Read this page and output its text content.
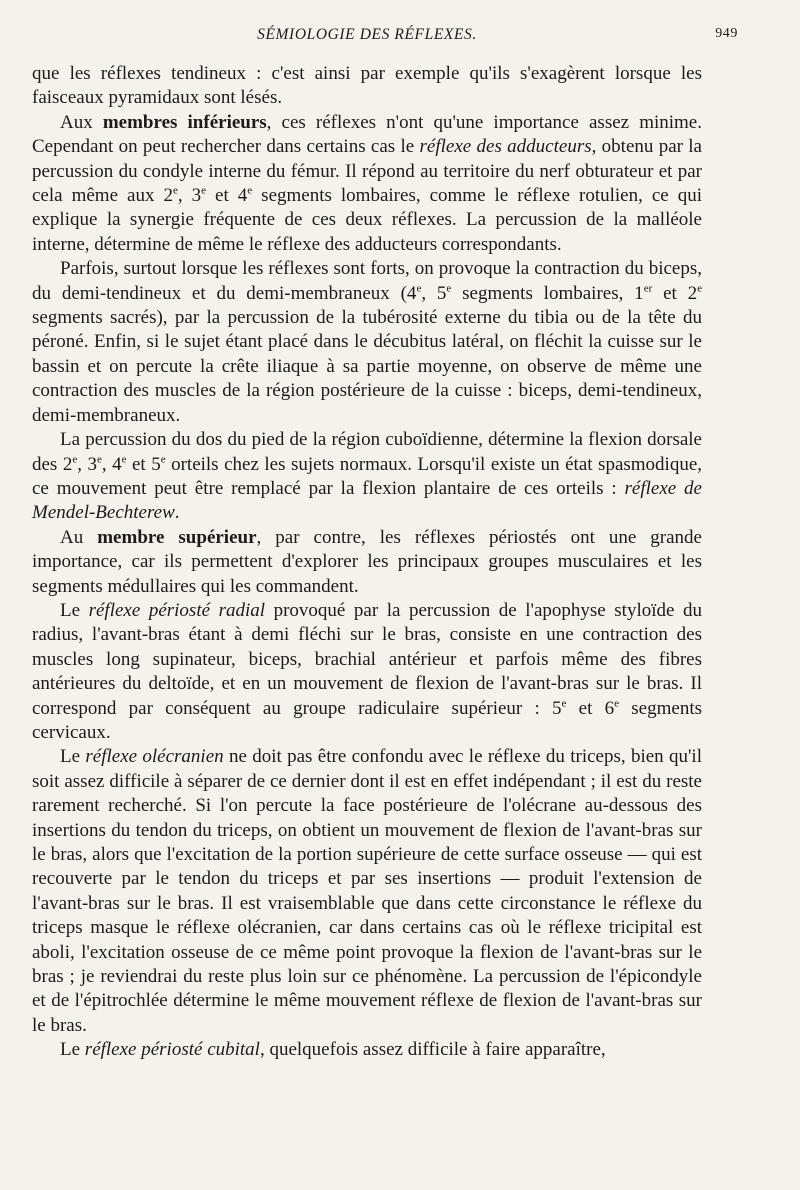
SÉMIOLOGIE DES RÉFLEXES.	949

que les réflexes tendineux : c'est ainsi par exemple qu'ils s'exagèrent lorsque les faisceaux pyramidaux sont lésés.

Aux membres inférieurs, ces réflexes n'ont qu'une importance assez minime. Cependant on peut rechercher dans certains cas le réflexe des adducteurs, obtenu par la percussion du condyle interne du fémur. Il répond au territoire du nerf obturateur et par cela même aux 2e, 3e et 4e segments lombaires, comme le réflexe rotulien, ce qui explique la synergie fréquente de ces deux réflexes. La percussion de la malléole interne, détermine de même le réflexe des adducteurs correspondants.

Parfois, surtout lorsque les réflexes sont forts, on provoque la contraction du biceps, du demi-tendineux et du demi-membraneux (4e, 5e segments lombaires, 1er et 2e segments sacrés), par la percussion de la tubérosité externe du tibia ou de la tête du péroné. Enfin, si le sujet étant placé dans le décubitus latéral, on fléchit la cuisse sur le bassin et on percute la crête iliaque à sa partie moyenne, on observe de même une contraction des muscles de la région postérieure de la cuisse : biceps, demi-tendineux, demi-membraneux.

La percussion du dos du pied de la région cuboïdienne, détermine la flexion dorsale des 2e, 3e, 4e et 5e orteils chez les sujets normaux. Lorsqu'il existe un état spasmodique, ce mouvement peut être remplacé par la flexion plantaire de ces orteils : réflexe de Mendel-Bechterew.

Au membre supérieur, par contre, les réflexes périostés ont une grande importance, car ils permettent d'explorer les principaux groupes musculaires et les segments médullaires qui les commandent.

Le réflexe périosté radial provoqué par la percussion de l'apophyse styloïde du radius, l'avant-bras étant à demi fléchi sur le bras, consiste en une contraction des muscles long supinateur, biceps, brachial antérieur et parfois même des fibres antérieures du deltoïde, et en un mouvement de flexion de l'avant-bras sur le bras. Il correspond par conséquent au groupe radiculaire supérieur : 5e et 6e segments cervicaux.

Le réflexe olécranien ne doit pas être confondu avec le réflexe du triceps, bien qu'il soit assez difficile à séparer de ce dernier dont il est en effet indépendant ; il est du reste rarement recherché. Si l'on percute la face postérieure de l'olécrane au-dessous des insertions du tendon du triceps, on obtient un mouvement de flexion de l'avant-bras sur le bras, alors que l'excitation de la portion supérieure de cette surface osseuse — qui est recouverte par le tendon du triceps et par ses insertions — produit l'extension de l'avant-bras sur le bras. Il est vraisemblable que dans cette circonstance le réflexe du triceps masque le réflexe olécranien, car dans certains cas où le réflexe tricipital est aboli, l'excitation osseuse de ce même point provoque la flexion de l'avant-bras sur le bras ; je reviendrai du reste plus loin sur ce phénomène. La percussion de l'épicondyle et de l'épitrochlée détermine le même mouvement réflexe de flexion de l'avant-bras sur le bras.

Le réflexe périosté cubital, quelquefois assez difficile à faire apparaître,
